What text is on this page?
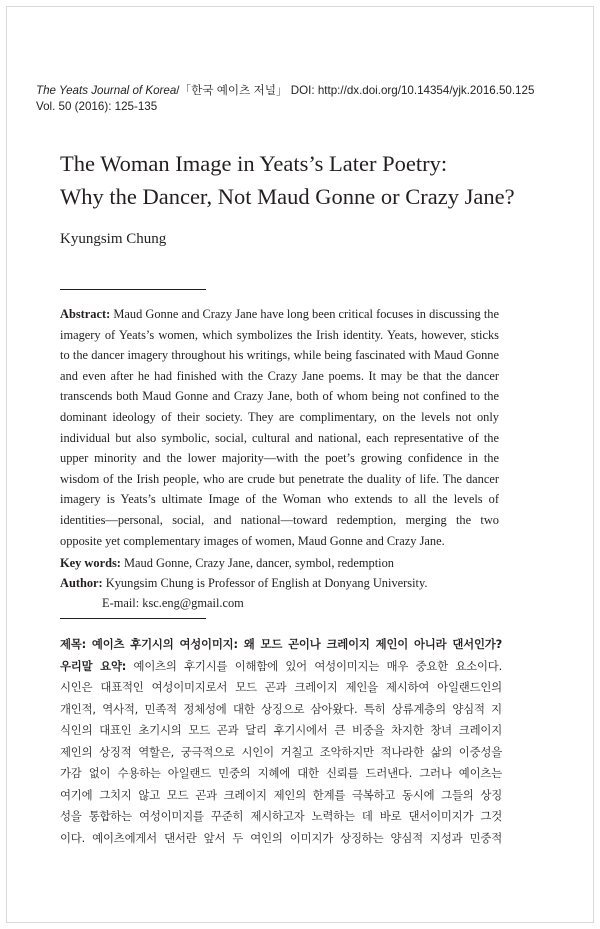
The Yeats Journal of Korea/「한국 예이츠 저널」 DOI: http://dx.doi.org/10.14354/yjk.2016.50.125
Vol. 50 (2016): 125-135
The Woman Image in Yeats’s Later Poetry:
Why the Dancer, Not Maud Gonne or Crazy Jane?
Kyungsim Chung
Abstract: Maud Gonne and Crazy Jane have long been critical focuses in discussing the imagery of Yeats’s women, which symbolizes the Irish identity. Yeats, however, sticks to the dancer imagery throughout his writings, while being fascinated with Maud Gonne and even after he had finished with the Crazy Jane poems. It may be that the dancer transcends both Maud Gonne and Crazy Jane, both of whom being not confined to the dominant ideology of their society. They are complimentary, on the levels not only individual but also symbolic, social, cultural and national, each representative of the upper minority and the lower majority—with the poet’s growing confidence in the wisdom of the Irish people, who are crude but penetrate the duality of life. The dancer imagery is Yeats’s ultimate Image of the Woman who extends to all the levels of identities—personal, social, and national—toward redemption, merging the two opposite yet complementary images of women, Maud Gonne and Crazy Jane.
Key words: Maud Gonne, Crazy Jane, dancer, symbol, redemption
Author: Kyungsim Chung is Professor of English at Donyang University.
E-mail: ksc.eng@gmail.com
제목: 예이츠 후기시의 여성이미지: 왜 모드 곤이나 크레이지 제인이 아니라 댄서인가?
우리말 요약: 예이츠의 후기시를 이해함에 있어 여성이미지는 매우 중요한 요소이다.
시인은 대표적인 여성이미지로서 모드 곤과 크레이지 제인을 제시하여 아일랜드인의
개인적, 역사적, 민족적 정체성에 대한 상징으로 삼아왔다. 특히 상류계층의 양심적 지
식인의 대표인 초기시의 모드 곤과 달리 후기시에서 큰 비중을 차지한 창녀 크레이지
제인의 상징적 역할은, 궁극적으로 시인이 거칠고 조악하지만 적나라한 삶의 이중성을
가감 없이 수용하는 아일랜드 민중의 지혜에 대한 신뢰를 드러낸다. 그러나 예이츠는
여기에 그치지 않고 모드 곤과 크레이지 제인의 한계를 극복하고 동시에 그들의 상징
성을 통합하는 여성이미지를 꾸준히 제시하고자 노력하는 데 바로 댄서이미지가 그것
이다. 예이츠에게서 댄서란 앞서 두 여인의 이미지가 상징하는 양심적 지성과 민중적
